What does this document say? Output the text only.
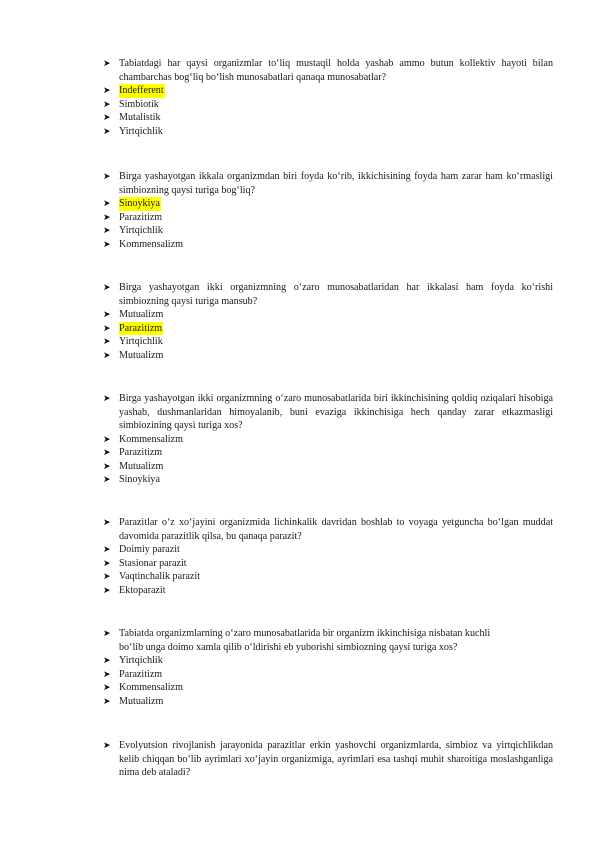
➤ Tabiatdagi har qaysi organizmlar to‘liq mustaqil holda yashab ammo butun kollektiv hayoti bilan chambarchas bog‘liq bo‘lish munosabatlari qanaqa munosabatlar?

➤ Indefferent

➤ Simbiotik

➤ Mutalistik

➤ Yirtqichlik

➤ Birga yashayotgan ikkala organizmdan biri foyda ko‘rib, ikkichisining foyda ham zarar ham ko‘rmasligi simbiozning qaysi turiga bog‘liq?

➤ Sinoykiya

➤ Parazitizm

➤ Yirtqichlik

➤ Kommensalizm

➤ Birga yashayotgan ikki organizmning o‘zaro munosabatlaridan har ikkalasi ham foyda ko‘rishi simbiozning qaysi turiga mansub?

➤ Mutualizm

➤ Parazitizm

➤ Yirtqichlik

➤ Mutualizm

➤ Birga yashayotgan ikki organizmning o‘zaro munosabatlarida biri ikkinchisining qoldiq oziqalari hisobiga yashab, dushmanlaridan himoyalanib, buni evaziga ikkinchisiga hech qanday zarar etkazmasligi simbiozining qaysi turiga xos?

➤ Kommensalizm

➤ Parazitizm

➤ Mutualizm

➤ Sinoykiya

➤ Parazitlar o‘z xo‘jayini organizmida lichinkalik davridan boshlab to voyaga yetguncha bo‘lgan muddat davomida parazitlik qilsa, bu qanaqa parazit?

➤ Doimiy parazit

➤ Stasionar parazit

➤ Vaqtinchalik parazit

➤ Ektoparazit

➤ Tabiatda organizmlarning o‘zaro munosabatlarida bir organizm ikkinchisiga nisbatan kuchli

bo‘lib unga doimo xamla qilib o‘ldirishi eb yuborishi simbiozning qaysi turiga xos?

➤ Yirtqichlik

➤ Parazitizm

➤ Kommensalizm

➤ Mutualizm

➤ Evolyutsion rivojlanish jarayonida parazitlar erkin yashovchi organizmlarda, simbioz va yirtqichlikdan kelib chiqqan bo‘lib ayrimlari xo‘jayin organizmiga, ayrimlari esa tashqi muhit sharoitiga moslashganliga nima deb ataladi?
